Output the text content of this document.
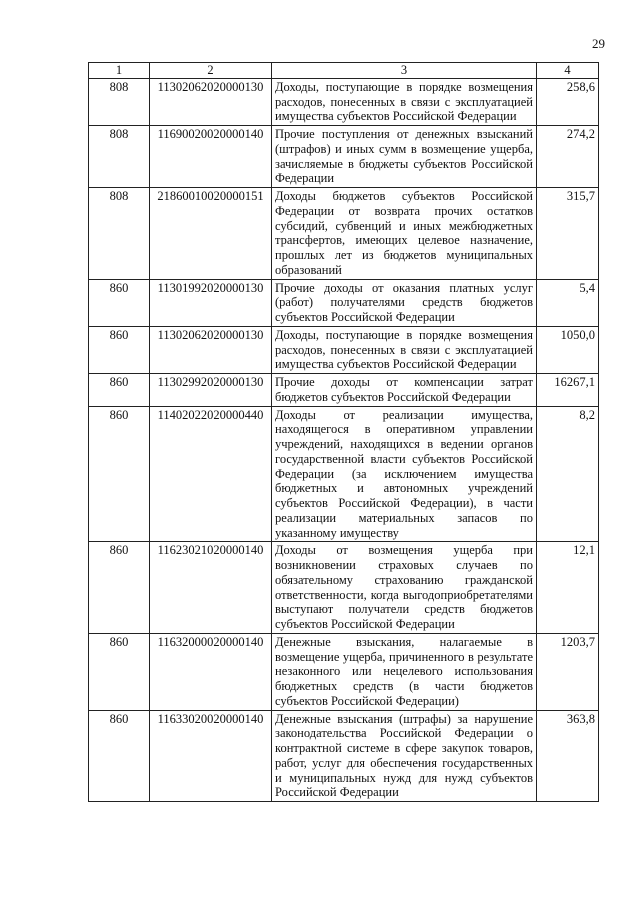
29
1	2	3	4
808	11302062020000130	Доходы, поступающие в порядке возмещения расходов, понесенных в связи с эксплуатацией имущества субъектов Российской Федерации	258,6
808	11690020020000140	Прочие поступления от денежных взысканий (штрафов) и иных сумм в возмещение ущерба, зачисляемые в бюджеты субъектов Российской Федерации	274,2
808	21860010020000151	Доходы бюджетов субъектов Российской Федерации от возврата прочих остатков субсидий, субвенций и иных межбюджетных трансфертов, имеющих целевое назначение, прошлых лет из бюджетов муниципальных образований	315,7
860	11301992020000130	Прочие доходы от оказания платных услуг (работ) получателями средств бюджетов субъектов Российской Федерации	5,4
860	11302062020000130	Доходы, поступающие в порядке возмещения расходов, понесенных в связи с эксплуатацией имущества субъектов Российской Федерации	1050,0
860	11302992020000130	Прочие доходы от компенсации затрат бюджетов субъектов Российской Федерации	16267,1
860	11402022020000440	Доходы от реализации имущества, находящегося в оперативном управлении учреждений, находящихся в ведении органов государственной власти субъектов Российской Федерации (за исключением имущества бюджетных и автономных учреждений субъектов Российской Федерации), в части реализации материальных запасов по указанному имуществу	8,2
860	11623021020000140	Доходы от возмещения ущерба при возникновении страховых случаев по обязательному страхованию гражданской ответственности, когда выгодоприобретателями выступают получатели средств бюджетов субъектов Российской Федерации	12,1
860	11632000020000140	Денежные взыскания, налагаемые в возмещение ущерба, причиненного в результате незаконного или нецелевого использования бюджетных средств (в части бюджетов субъектов Российской Федерации)	1203,7
860	11633020020000140	Денежные взыскания (штрафы) за нарушение законодательства Российской Федерации о контрактной системе в сфере закупок товаров, работ, услуг для обеспечения государственных и муниципальных нужд для нужд субъектов Российской Федерации	363,8
